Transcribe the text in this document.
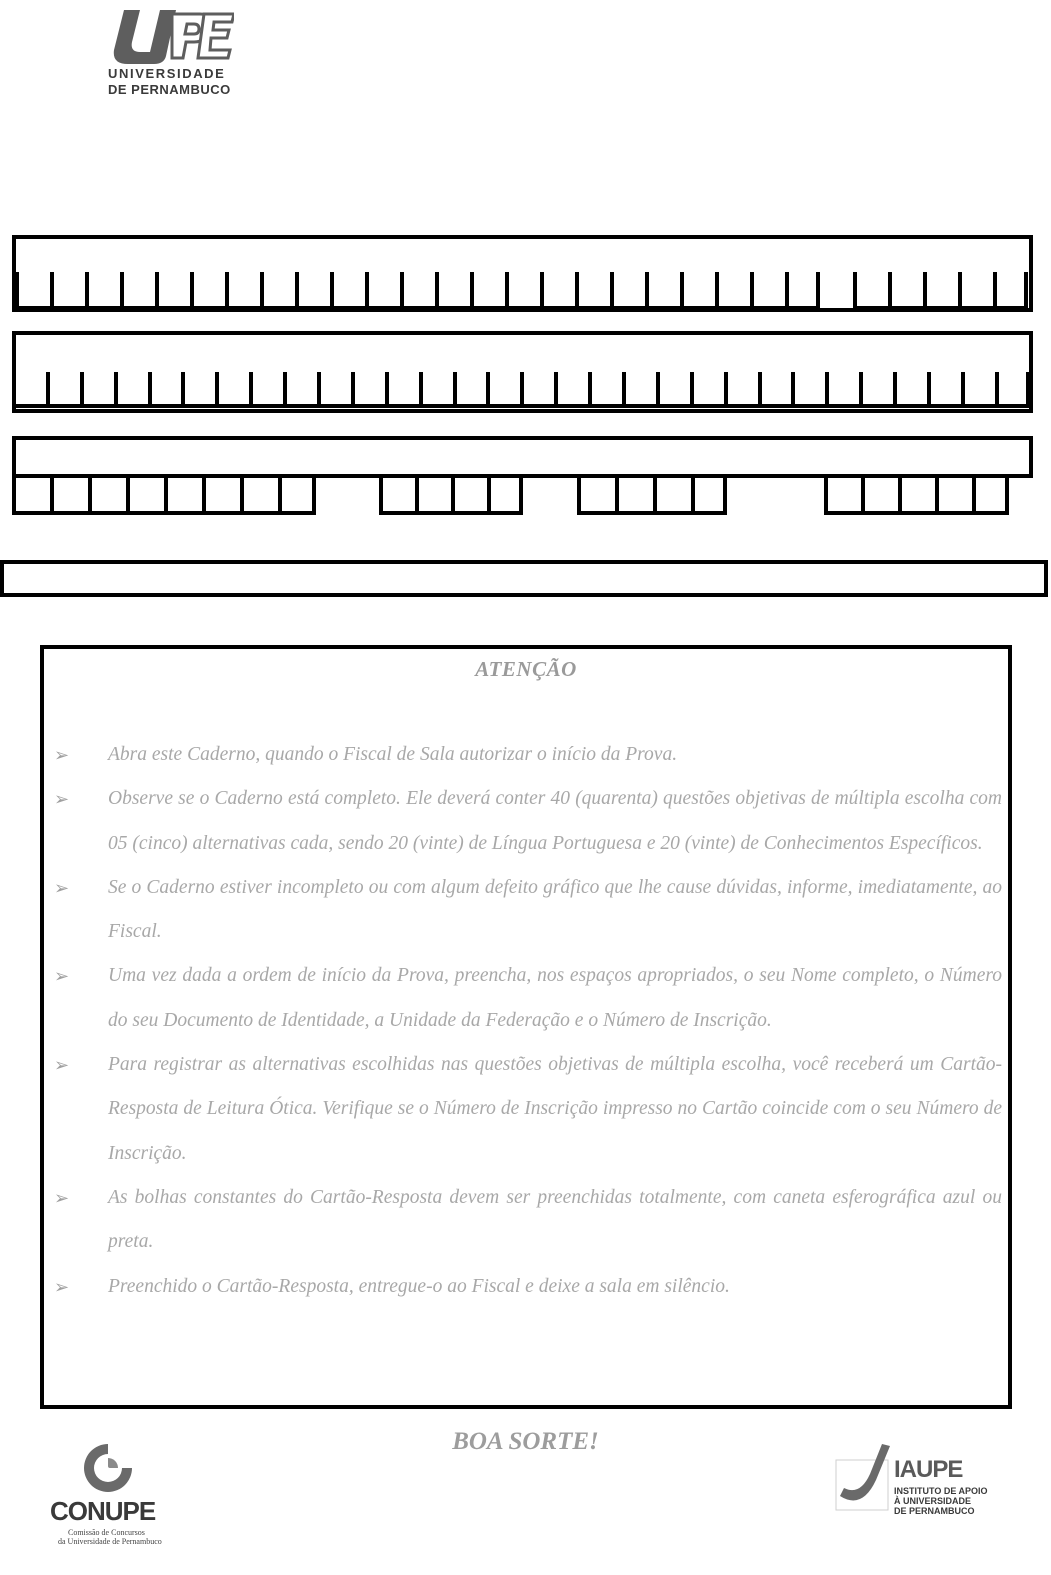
UNIVERSIDADE
DE PERNAMBUCO
ATENÇÃO
➢ Abra este Caderno, quando o Fiscal de Sala autorizar o início da Prova.
➢ Observe se o Caderno está completo. Ele deverá conter 40 (quarenta) questões objetivas de múltipla escolha com 05 (cinco) alternativas cada, sendo 20 (vinte) de Língua Portuguesa e 20 (vinte) de Conhecimentos Específicos.
➢ Se o Caderno estiver incompleto ou com algum defeito gráfico que lhe cause dúvidas, informe, imediatamente, ao Fiscal.
➢ Uma vez dada a ordem de início da Prova, preencha, nos espaços apropriados, o seu Nome completo, o Número do seu Documento de Identidade, a Unidade da Federação e o Número de Inscrição.
➢ Para registrar as alternativas escolhidas nas questões objetivas de múltipla escolha, você receberá um Cartão-Resposta de Leitura Ótica. Verifique se o Número de Inscrição impresso no Cartão coincide com o seu Número de Inscrição.
➢ As bolhas constantes do Cartão-Resposta devem ser preenchidas totalmente, com caneta esferográfica azul ou preta.
➢ Preenchido o Cartão-Resposta, entregue-o ao Fiscal e deixe a sala em silêncio.
BOA SORTE!
CONUPE
Comissão de Concursos
da Universidade de Pernambuco
IAUPE
INSTITUTO DE APOIO
À UNIVERSIDADE
DE PERNAMBUCO
